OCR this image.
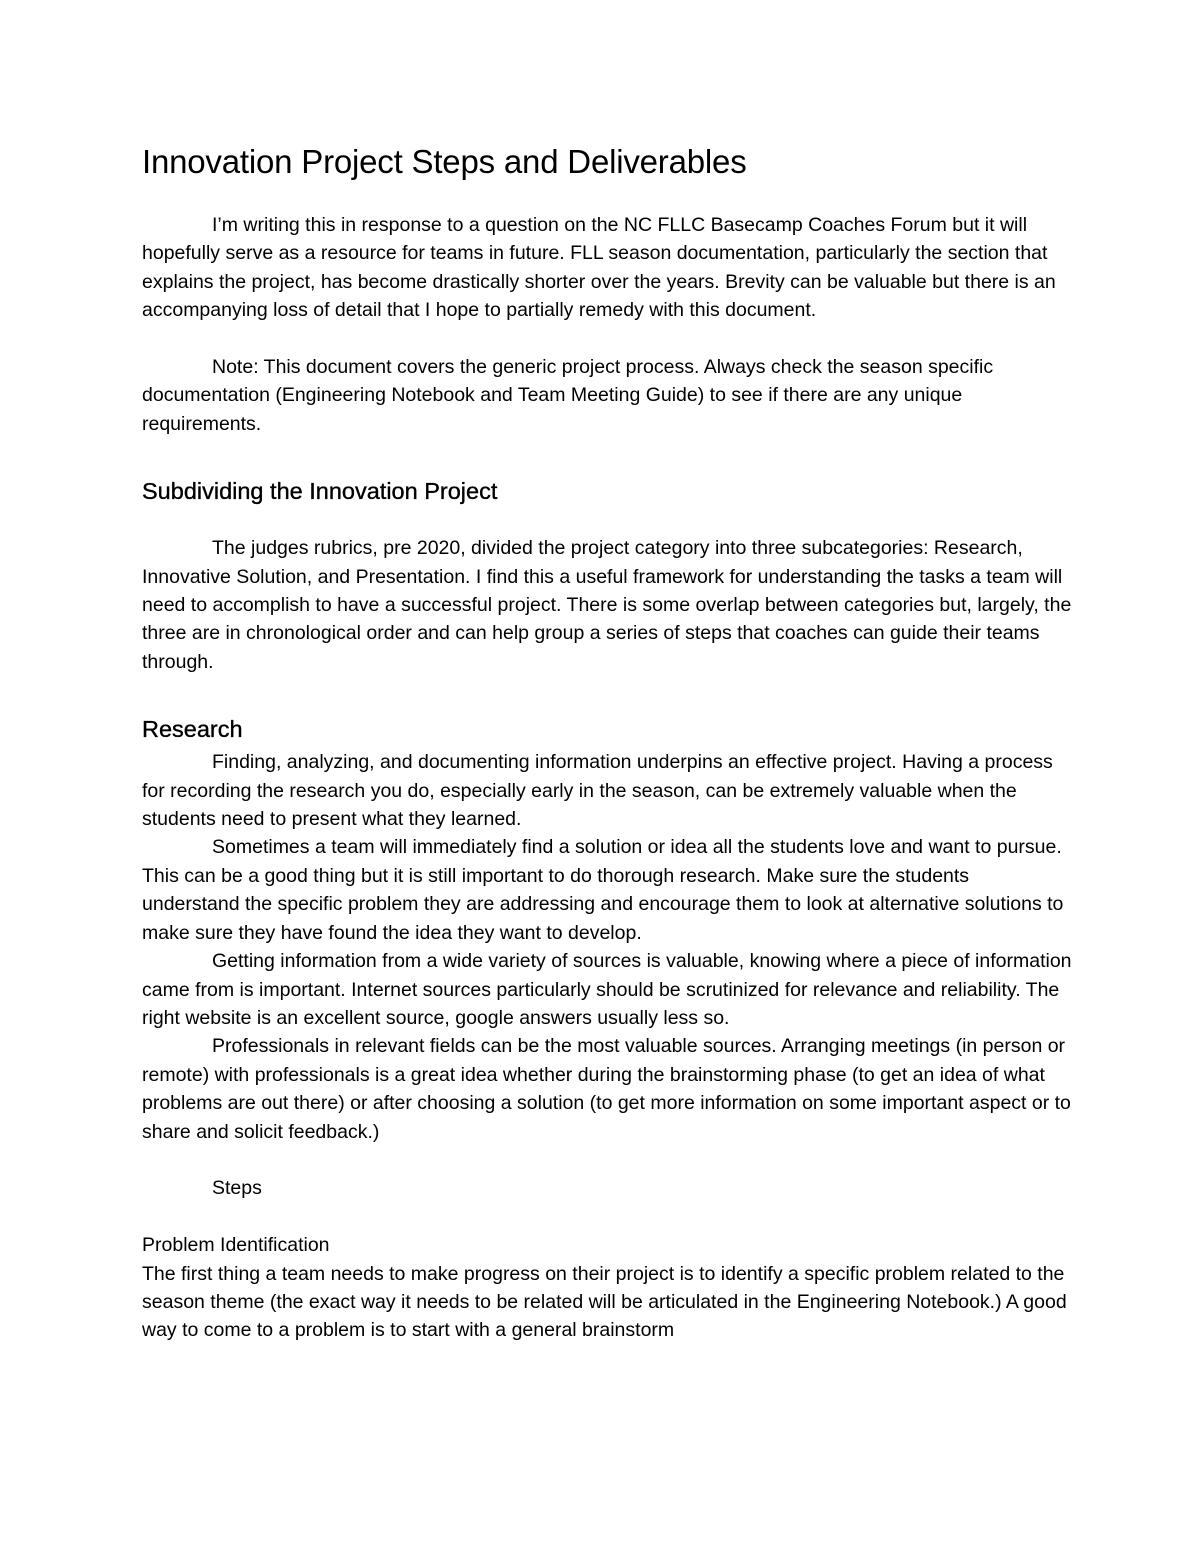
Innovation Project Steps and Deliverables

I’m writing this in response to a question on the NC FLLC Basecamp Coaches Forum but it will hopefully serve as a resource for teams in future. FLL season documentation, particularly the section that explains the project, has become drastically shorter over the years. Brevity can be valuable but there is an accompanying loss of detail that I hope to partially remedy with this document.

Note: This document covers the generic project process. Always check the season specific documentation (Engineering Notebook and Team Meeting Guide) to see if there are any unique requirements.

Subdividing the Innovation Project

The judges rubrics, pre 2020, divided the project category into three subcategories: Research, Innovative Solution, and Presentation. I find this a useful framework for understanding the tasks a team will need to accomplish to have a successful project. There is some overlap between categories but, largely, the three are in chronological order and can help group a series of steps that coaches can guide their teams through.

Research

Finding, analyzing, and documenting information underpins an effective project. Having a process for recording the research you do, especially early in the season, can be extremely valuable when the students need to present what they learned.

Sometimes a team will immediately find a solution or idea all the students love and want to pursue. This can be a good thing but it is still important to do thorough research. Make sure the students understand the specific problem they are addressing and encourage them to look at alternative solutions to make sure they have found the idea they want to develop.

Getting information from a wide variety of sources is valuable, knowing where a piece of information came from is important. Internet sources particularly should be scrutinized for relevance and reliability. The right website is an excellent source, google answers usually less so.

Professionals in relevant fields can be the most valuable sources. Arranging meetings (in person or remote) with professionals is a great idea whether during the brainstorming phase (to get an idea of what problems are out there) or after choosing a solution (to get more information on some important aspect or to share and solicit feedback.)

Steps

Problem Identification

The first thing a team needs to make progress on their project is to identify a specific problem related to the season theme (the exact way it needs to be related will be articulated in the Engineering Notebook.) A good way to come to a problem is to start with a general brainstorm
